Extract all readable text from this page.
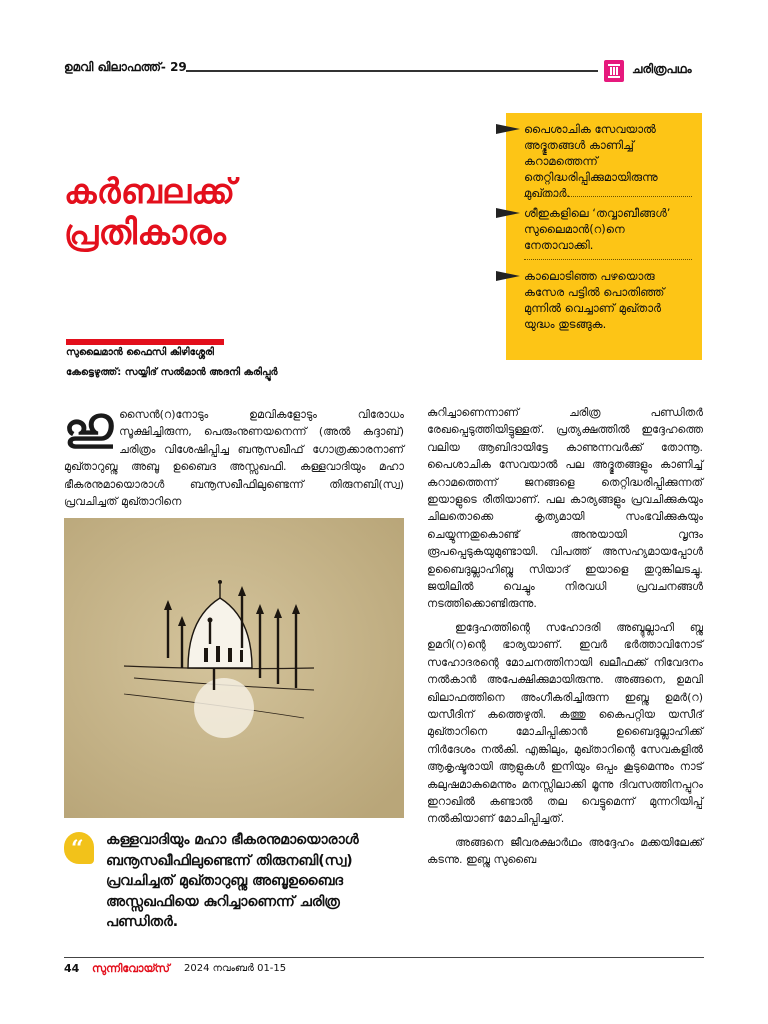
ഉമവി ഖിലാഫത്ത്- 29	ചരിത്രപഥം
കർബലക്ക്
പ്രതികാരം
സുലൈമാൻ ഫൈസി കിഴിശ്ശേരി
കേട്ടെഴുത്ത്: സയ്യിദ് സൽമാൻ അദനി കരിപ്പൂർ
പൈശാചിക സേവയാൽ അദ്ഭുതങ്ങൾ കാണിച്ച് കറാമത്തെന്ന് തെറ്റിദ്ധരിപ്പിക്കുമായിരുന്നു മുഖ്താർ.
ശീഇകളിലെ ‘തവ്വാബീങ്ങൾ’ സുലൈമാൻ(റ)നെ നേതാവാക്കി.
കാലൊടിഞ്ഞ പഴയൊരു കസേര പട്ടിൽ പൊതിഞ്ഞ് മുന്നിൽ വെച്ചാണ് മുഖ്താർ യുദ്ധം തുടങ്ങുക.

ഹുസൈൻ(റ)നോടും ഉമവികളോടും വിരോധം സൂക്ഷിച്ചിരുന്ന, പെരുംനുണയനെന്ന് (അൽ കദ്ദാബ്) ചരിത്രം വിശേഷിപ്പിച്ച ബനൂസഖീഫ് ഗോത്രക്കാരനാണ് മുഖ്താറുബ്നു അബൂ ഉബൈദ അസ്സഖഫി. കള്ളവാദിയും മഹാ ഭീകരനുമായൊരാൾ ബനൂസഖീഫിലുണ്ടെന്ന് തിരുനബി(സ്വ) പ്രവചിച്ചത് മുഖ്താറിനെ

“ കള്ളവാദിയും മഹാ ഭീകരനുമായൊരാൾ ബനൂസഖീഫിലുണ്ടെന്ന് തിരുനബി(സ്വ) പ്രവചിച്ചത് മുഖ്താറുബ്നു അബൂഉബൈദ അസ്സഖഫിയെ കുറിച്ചാണെന്ന് ചരിത്ര പണ്ഡിതർ.

കുറിച്ചാണെന്നാണ് ചരിത്ര പണ്ഡിതർ രേഖപ്പെടുത്തിയിട്ടുള്ളത്. പ്രത്യക്ഷത്തിൽ ഇദ്ദേഹത്തെ വലിയ ആബിദായിട്ടേ കാണുന്നവർക്ക് തോന്നൂ. പൈശാചിക സേവയാൽ പല അദ്ഭുതങ്ങളും കാണിച്ച് കറാമത്തെന്ന് ജനങ്ങളെ തെറ്റിദ്ധരിപ്പിക്കുന്നത് ഇയാളുടെ രീതിയാണ്. പല കാര്യങ്ങളും പ്രവചിക്കുകയും ചിലതൊക്കെ കൃത്യമായി സംഭവിക്കുകയും ചെയ്യുന്നതുകൊണ്ട് അനുയായി വൃന്ദം രൂപപ്പെടുകയുമുണ്ടായി. വിപത്ത് അസഹ്യമായപ്പോൾ ഉബൈദുല്ലാഹിബ്നു സിയാദ് ഇയാളെ തുറുങ്കിലടച്ചു. ജയിലിൽ വെച്ചും നിരവധി പ്രവചനങ്ങൾ നടത്തിക്കൊണ്ടിരുന്നു.

ഇദ്ദേഹത്തിന്റെ സഹോദരി അബ്ദുല്ലാഹി ബ്നു ഉമറി(റ)ന്റെ ഭാര്യയാണ്. ഇവർ ഭർത്താവിനോട് സഹോദരന്റെ മോചനത്തിനായി ഖലീഫക്ക് നിവേദനം നൽകാൻ അപേക്ഷിക്കുമായിരുന്നു. അങ്ങനെ, ഉമവി ഖിലാഫത്തിനെ അംഗീകരിച്ചിരുന്ന ഇബ്നു ഉമർ(റ) യസീദിന് കത്തെഴുതി. കത്തു കൈപറ്റിയ യസീദ് മുഖ്താറിനെ മോചിപ്പിക്കാൻ ഉബൈദുല്ലാഹിക്ക് നിർദേശം നൽകി. എങ്കിലും, മുഖ്താറിന്റെ സേവകളിൽ ആകൃഷ്ടരായി ആളുകൾ ഇനിയും ഒപ്പം കൂടുമെന്നും നാട് കലുഷമാകുമെന്നും മനസ്സിലാക്കി മൂന്നു ദിവസത്തിനപ്പുറം ഇറാഖിൽ കണ്ടാൽ തല വെട്ടുമെന്ന് മുന്നറിയിപ്പ് നൽകിയാണ് മോചിപ്പിച്ചത്.

അങ്ങനെ ജീവരക്ഷാർഥം അദ്ദേഹം മക്കയിലേക്ക് കടന്നു. ഇബ്നു സുബൈ

44 സുന്നിവോയ്സ് 2024 നവംബർ 01-15
